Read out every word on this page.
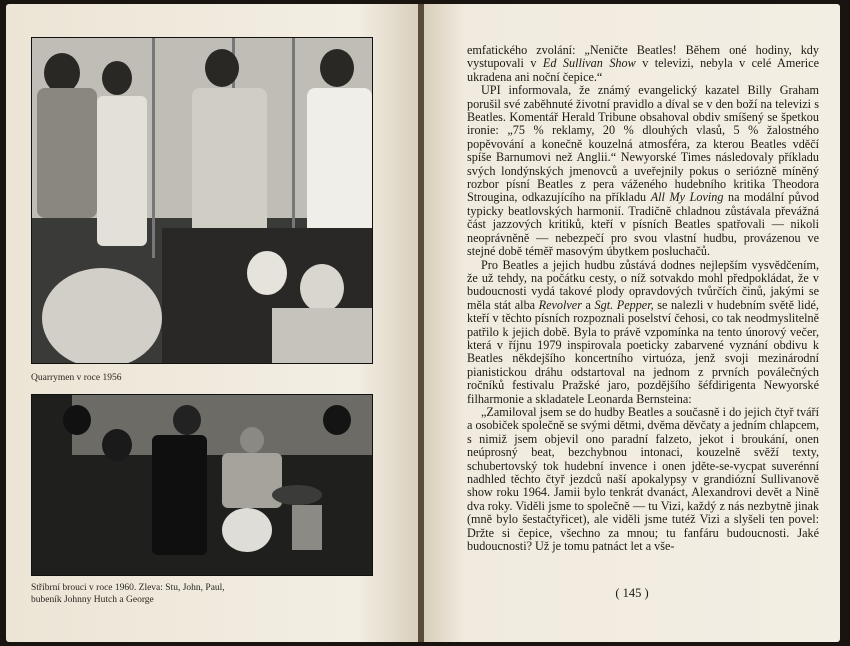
Quarrymen v roce 1956
Stříbrní brouci v roce 1960. Zleva: Stu, John, Paul,
bubeník Johnny Hutch a George

emfatického zvolání: „Neničte Beatles! Během oné hodiny, kdy vystupovali v Ed Sullivan Show v televizi, nebyla v celé Americe ukradena ani noční čepice.“

UPI informovala, že známý evangelický kazatel Billy Graham porušil své zaběhnuté životní pravidlo a díval se v den boží na televizi s Beatles. Komentář Herald Tribune obsahoval obdiv smíšený se špetkou ironie: „75 % reklamy, 20 % dlouhých vlasů, 5 % žalostného popěvování a konečně kouzelná atmosféra, za kterou Beatles vděčí spíše Barnumovi než Anglii.“ Newyorské Times následovaly příkladu svých londýnských jmenovců a uveřejnily pokus o seriózně míněný rozbor písní Beatles z pera váženého hudebního kritika Theodora Strougina, odkazujícího na příkladu All My Loving na modální původ typicky beatlovských harmonií. Tradičně chladnou zůstávala převážná část jazzových kritiků, kteří v písních Beatles spatřovali — nikoli neoprávněně — nebezpečí pro svou vlastní hudbu, provázenou ve stejné době téměř masovým úbytkem posluchačů.

Pro Beatles a jejich hudbu zůstává dodnes nejlepším vysvědčením, že už tehdy, na počátku cesty, o níž sotvakdo mohl předpokládat, že v budoucnosti vydá takové plody opravdových tvůrčích činů, jakými se měla stát alba Revolver a Sgt. Pepper, se nalezli v hudebním světě lidé, kteří v těchto písních rozpoznali poselství čehosi, co tak neodmyslitelně patřilo k jejich době. Byla to právě vzpomínka na tento únorový večer, která v říjnu 1979 inspirovala poeticky zabarvené vyznání obdivu k Beatles někdejšího koncertního virtuóza, jenž svoji mezinárodní pianistickou dráhu odstartoval na jednom z prvních poválečných ročníků festivalu Pražské jaro, pozdějšího šéfdirigenta Newyorské filharmonie a skladatele Leonarda Bernsteina:

„Zamiloval jsem se do hudby Beatles a současně i do jejich čtyř tváří a osobiček společně se svými dětmi, dvěma děvčaty a jedním chlapcem, s nimiž jsem objevil ono paradní falzeto, jekot i broukání, onen neúprosný beat, bezchybnou intonaci, kouzelně svěží texty, schubertovský tok hudební invence i onen jděte-se-vycpat suverénní nadhled těchto čtyř jezdců naší apokalypsy v grandiózní Sullivanově show roku 1964. Jamii bylo tenkrát dvanáct, Alexandrovi devět a Nině dva roky. Viděli jsme to společně — tu Vizi, každý z nás nezbytně jinak (mně bylo šestačtyřicet), ale viděli jsme tutéž Vizi a slyšeli ten povel: Držte si čepice, všechno za mnou; tu fanfáru budoucnosti. Jaké budoucnosti? Už je tomu patnáct let a vše-

( 145 )
